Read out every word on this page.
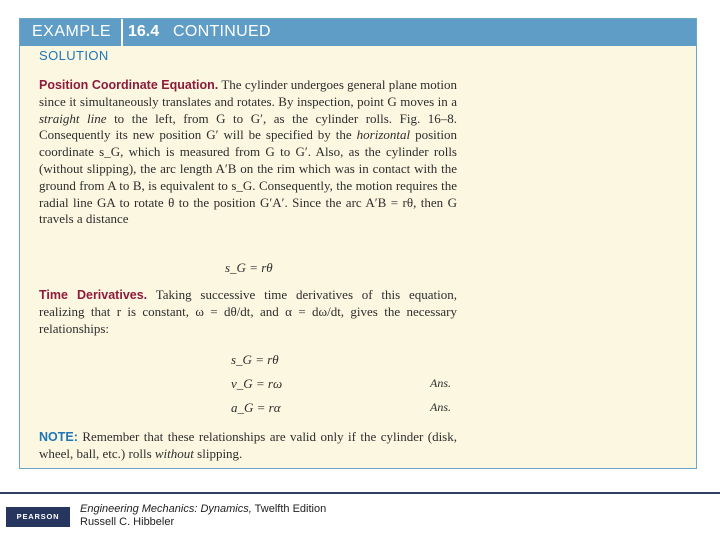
EXAMPLE 16.4 CONTINUED
SOLUTION

Position Coordinate Equation. The cylinder undergoes general plane motion since it simultaneously translates and rotates. By inspection, point G moves in a straight line to the left, from G to G′, as the cylinder rolls. Fig. 16–8. Consequently its new position G′ will be specified by the horizontal position coordinate s_G, which is measured from G to G′. Also, as the cylinder rolls (without slipping), the arc length A′B on the rim which was in contact with the ground from A to B, is equivalent to s_G. Consequently, the motion requires the radial line GA to rotate θ to the position G′A′. Since the arc A′B = rθ, then G travels a distance

s_G = rθ

Time Derivatives. Taking successive time derivatives of this equation, realizing that r is constant, ω = dθ/dt, and α = dω/dt, gives the necessary relationships:

s_G = rθ
v_G = rω	Ans.
a_G = rα	Ans.

NOTE: Remember that these relationships are valid only if the cylinder (disk, wheel, ball, etc.) rolls without slipping.

PEARSON
Engineering Mechanics: Dynamics, Twelfth Edition
Russell C. Hibbeler
